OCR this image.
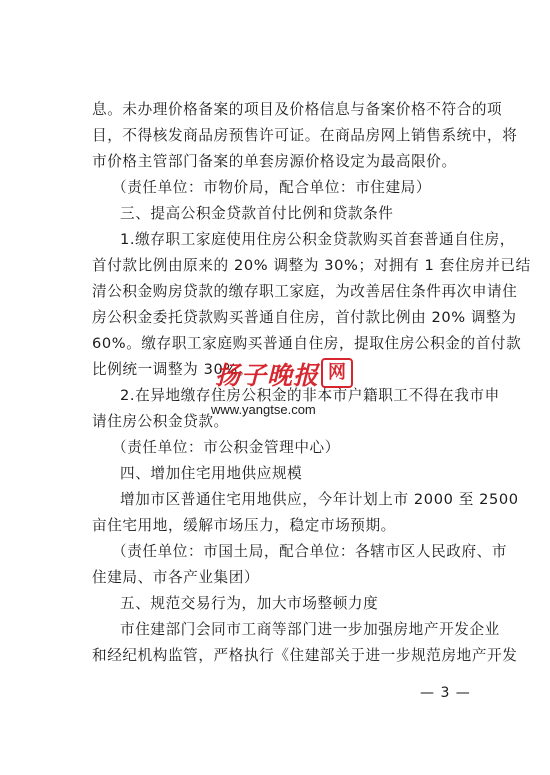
息。未办理价格备案的项目及价格信息与备案价格不符合的项
目，不得核发商品房预售许可证。在商品房网上销售系统中，将
市价格主管部门备案的单套房源价格设定为最高限价。
（责任单位：市物价局，配合单位：市住建局）
三、提高公积金贷款首付比例和贷款条件
1.缴存职工家庭使用住房公积金贷款购买首套普通自住房，
首付款比例由原来的 20% 调整为 30%；对拥有 1 套住房并已结
清公积金购房贷款的缴存职工家庭，为改善居住条件再次申请住
房公积金委托贷款购买普通自住房，首付款比例由 20% 调整为
60%。缴存职工家庭购买普通自住房，提取住房公积金的首付款
比例统一调整为 30%。
2.在异地缴存住房公积金的非本市户籍职工不得在我市申
请住房公积金贷款。
（责任单位：市公积金管理中心）
四、增加住宅用地供应规模
增加市区普通住宅用地供应，今年计划上市 2000 至 2500
亩住宅用地，缓解市场压力，稳定市场预期。
（责任单位：市国土局，配合单位：各辖市区人民政府、市
住建局、市各产业集团）
五、规范交易行为，加大市场整顿力度
市住建部门会同市工商等部门进一步加强房地产开发企业
和经纪机构监管，严格执行《住建部关于进一步规范房地产开发
扬子晚报 网
www.yangtse.com
— 3 —
